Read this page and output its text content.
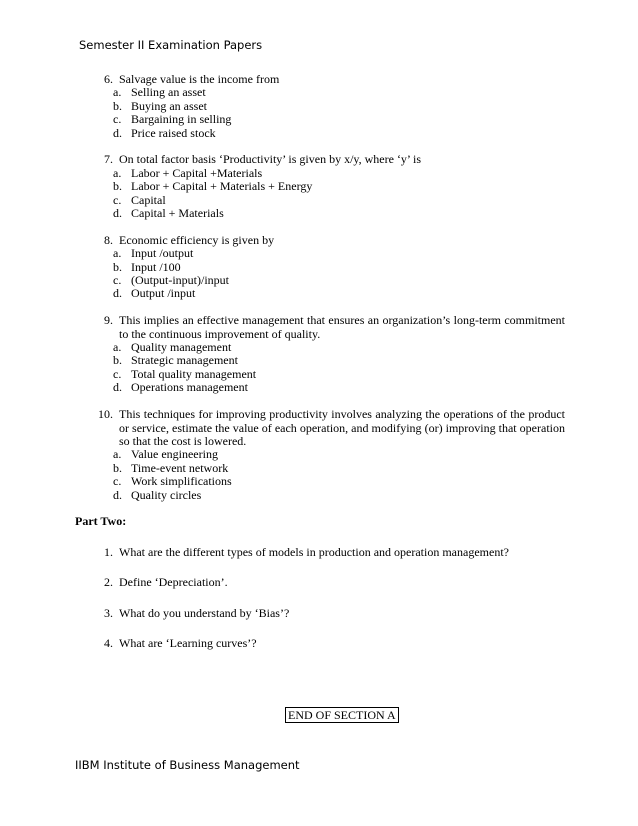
Semester II Examination Papers
6. Salvage value is the income from
a. Selling an asset
b. Buying an asset
c. Bargaining in selling
d. Price raised stock
7. On total factor basis ‘Productivity’ is given by x/y, where ‘y’ is
a. Labor + Capital +Materials
b. Labor + Capital + Materials + Energy
c. Capital
d. Capital + Materials
8. Economic efficiency is given by
a. Input /output
b. Input /100
c. (Output-input)/input
d. Output /input
9. This implies an effective management that ensures an organization’s long-term commitment to the continuous improvement of quality.
a. Quality management
b. Strategic management
c. Total quality management
d. Operations management
10. This techniques for improving productivity involves analyzing the operations of the product or service, estimate the value of each operation, and modifying (or) improving that operation so that the cost is lowered.
a. Value engineering
b. Time-event network
c. Work simplifications
d. Quality circles
Part Two:
1. What are the different types of models in production and operation management?
2. Define ‘Depreciation’.
3. What do you understand by ‘Bias’?
4. What are ‘Learning curves’?
END OF SECTION A
IIBM Institute of Business Management
